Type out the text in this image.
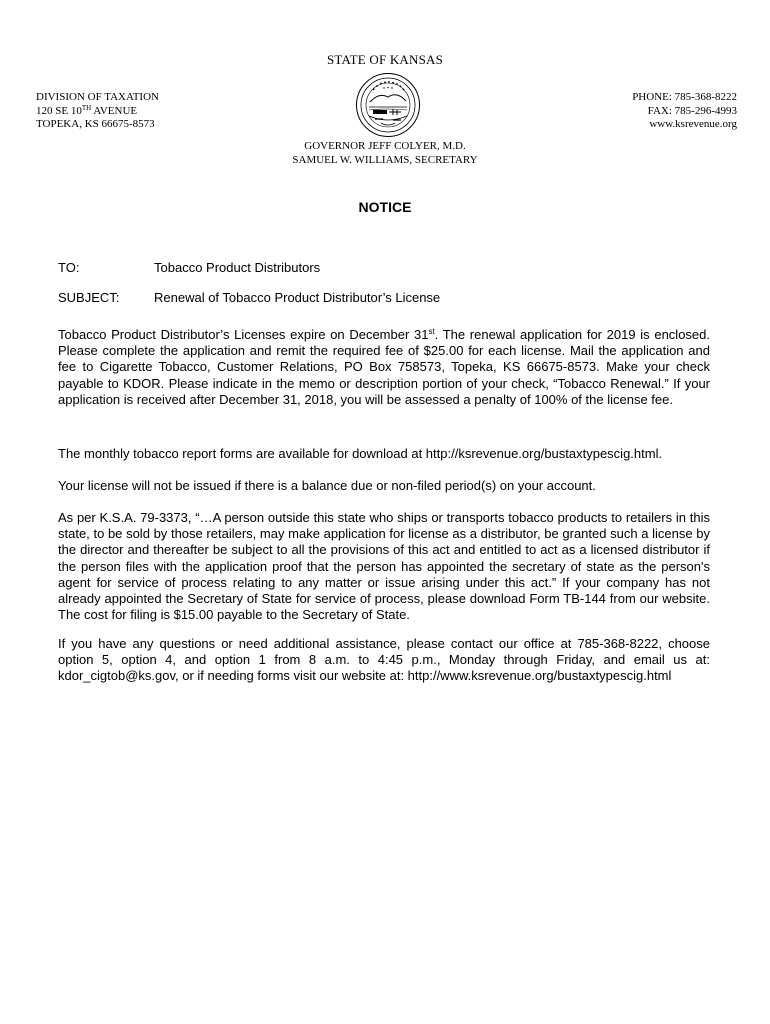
STATE OF KANSAS
DIVISION OF TAXATION
120 SE 10TH AVENUE
TOPEKA, KS 66675-8573
PHONE: 785-368-8222
FAX: 785-296-4993
www.ksrevenue.org
GOVERNOR JEFF COLYER, M.D.
SAMUEL W. WILLIAMS, SECRETARY
NOTICE
TO:	Tobacco Product Distributors
SUBJECT:	Renewal of Tobacco Product Distributor’s License

Tobacco Product Distributor’s Licenses expire on December 31st. The renewal application for 2019 is enclosed. Please complete the application and remit the required fee of $25.00 for each license. Mail the application and fee to Cigarette Tobacco, Customer Relations, PO Box 758573, Topeka, KS 66675-8573. Make your check payable to KDOR. Please indicate in the memo or description portion of your check, “Tobacco Renewal.” If your application is received after December 31, 2018, you will be assessed a penalty of 100% of the license fee.

The monthly tobacco report forms are available for download at http://ksrevenue.org/bustaxtypescig.html.

Your license will not be issued if there is a balance due or non-filed period(s) on your account.

As per K.S.A. 79-3373, “…A person outside this state who ships or transports tobacco products to retailers in this state, to be sold by those retailers, may make application for license as a distributor, be granted such a license by the director and thereafter be subject to all the provisions of this act and entitled to act as a licensed distributor if the person files with the application proof that the person has appointed the secretary of state as the person's agent for service of process relating to any matter or issue arising under this act.” If your company has not already appointed the Secretary of State for service of process, please download Form TB-144 from our website. The cost for filing is $15.00 payable to the Secretary of State.

If you have any questions or need additional assistance, please contact our office at 785-368-8222, choose option 5, option 4, and option 1 from 8 a.m. to 4:45 p.m., Monday through Friday, and email us at: kdor_cigtob@ks.gov, or if needing forms visit our website at: http://www.ksrevenue.org/bustaxtypescig.html
